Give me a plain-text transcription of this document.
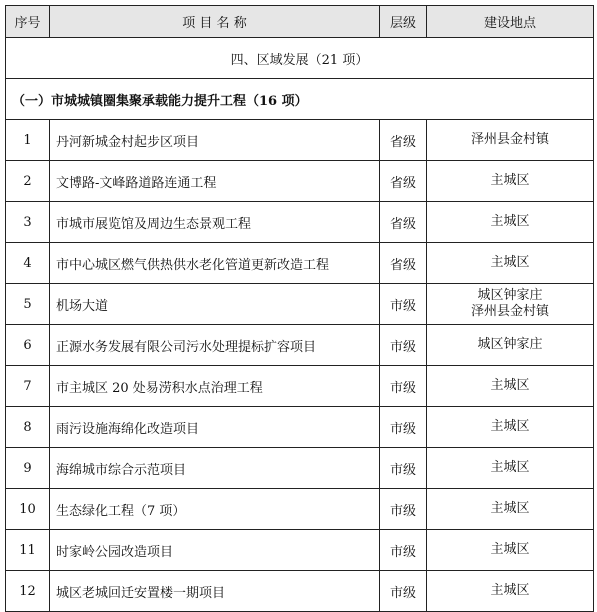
序号	项 目 名 称	层级	建设地点
四、区域发展（21 项）			
（一）市城城镇圈集聚承载能力提升工程（16 项）			
1	丹河新城金村起步区项目	省级	泽州县金村镇

2	文博路-文峰路道路连通工程	省级	主城区

3	市城市展览馆及周边生态景观工程	省级	主城区

4	市中心城区燃气供热供水老化管道更新改造工程	省级	主城区

5	机场大道	市级	城区钟家庄
泽州县金村镇

6	正源水务发展有限公司污水处理提标扩容项目	市级	城区钟家庄

7	市主城区 20 处易涝积水点治理工程	市级	主城区

8	雨污设施海绵化改造项目	市级	主城区

9	海绵城市综合示范项目	市级	主城区

10	生态绿化工程（7 项）	市级	主城区

11	时家岭公园改造项目	市级	主城区

12	城区老城回迁安置楼一期项目	市级	主城区
